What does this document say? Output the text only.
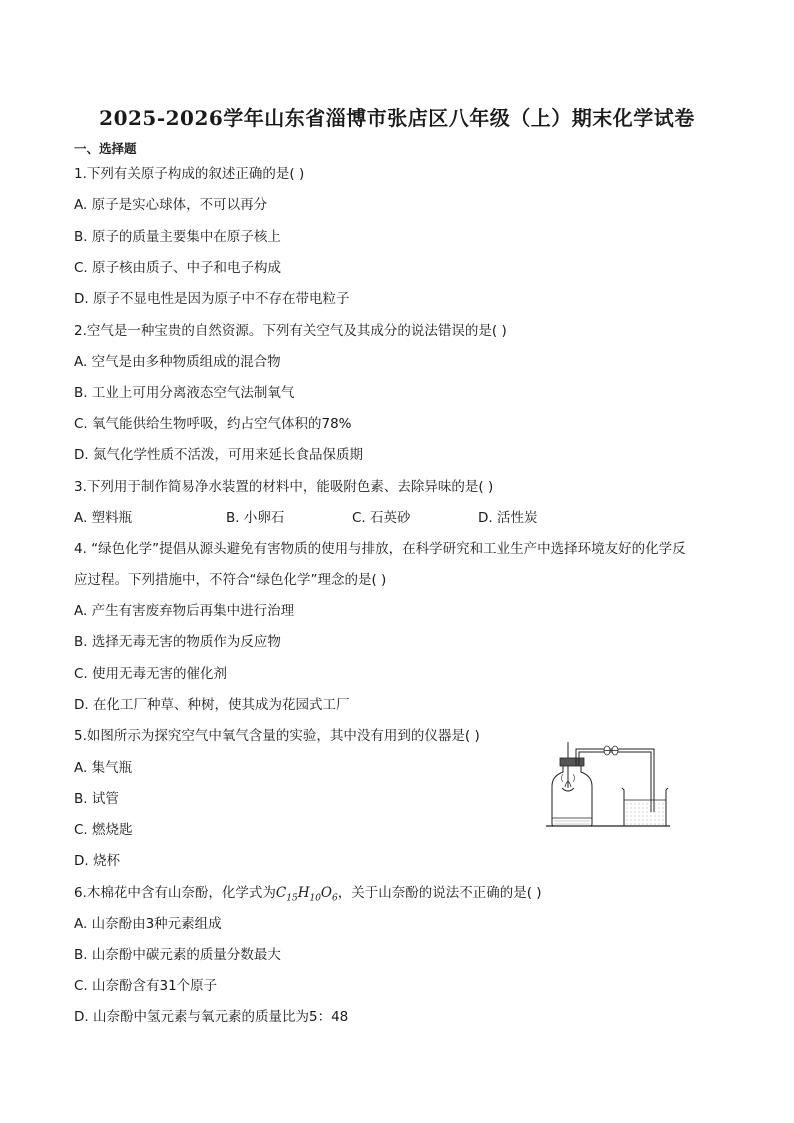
2025-2026学年山东省淄博市张店区八年级（上）期末化学试卷
一、选择题
1.下列有关原子构成的叙述正确的是( )
A. 原子是实心球体，不可以再分
B. 原子的质量主要集中在原子核上
C. 原子核由质子、中子和电子构成
D. 原子不显电性是因为原子中不存在带电粒子
2.空气是一种宝贵的自然资源。下列有关空气及其成分的说法错误的是( )
A. 空气是由多种物质组成的混合物
B. 工业上可用分离液态空气法制氧气
C. 氧气能供给生物呼吸，约占空气体积的78%
D. 氮气化学性质不活泼，可用来延长食品保质期
3.下列用于制作简易净水装置的材料中，能吸附色素、去除异味的是( )
A. 塑料瓶	B. 小卵石	C. 石英砂	D. 活性炭
4. “绿色化学”提倡从源头避免有害物质的使用与排放，在科学研究和工业生产中选择环境友好的化学反
应过程。下列措施中，不符合“绿色化学”理念的是( )
A. 产生有害废弃物后再集中进行治理
B. 选择无毒无害的物质作为反应物
C. 使用无毒无害的催化剂
D. 在化工厂种草、种树，使其成为花园式工厂
5.如图所示为探究空气中氧气含量的实验，其中没有用到的仪器是( )
A. 集气瓶
B. 试管
C. 燃烧匙
D. 烧杯
6.木棉花中含有山奈酚，化学式为$C_{15}H_{10}O_6$，关于山奈酚的说法不正确的是( )
A. 山奈酚由3种元素组成
B. 山奈酚中碳元素的质量分数最大
C. 山奈酚含有31个原子
D. 山奈酚中氢元素与氧元素的质量比为5：48
